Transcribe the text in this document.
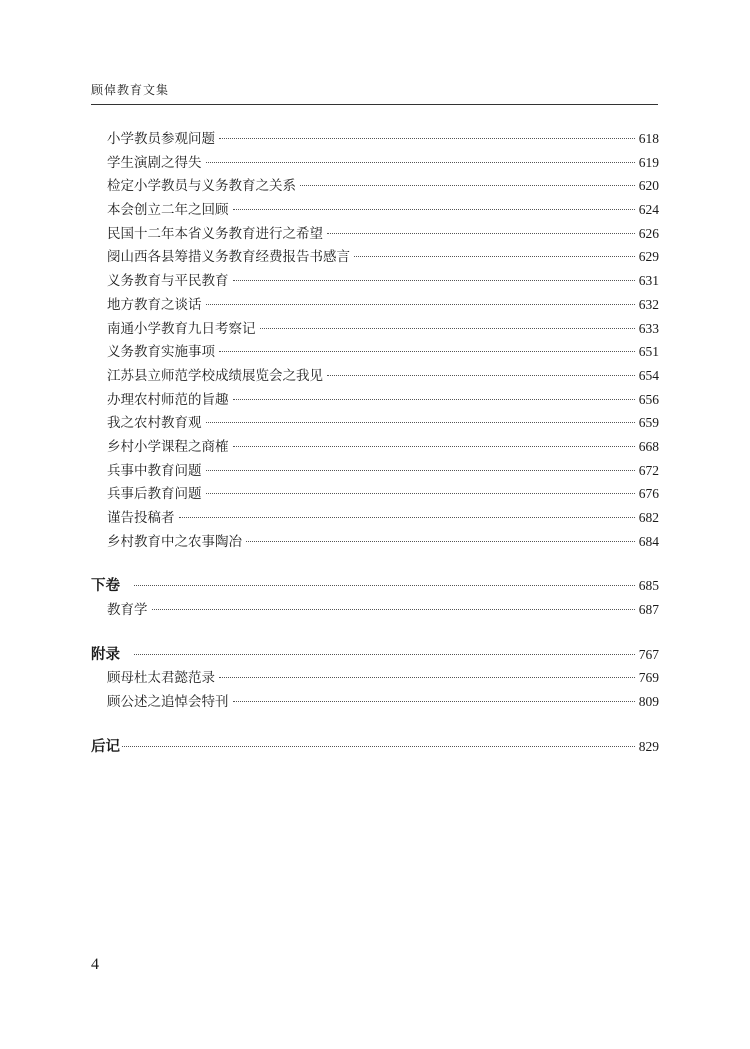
顾倬教育文集
小学教员参观问题	618
学生演剧之得失	619
检定小学教员与义务教育之关系	620
本会创立二年之回顾	624
民国十二年本省义务教育进行之希望	626
阌山西各县筹措义务教育经费报告书感言	629
义务教育与平民教育	631
地方教育之谈话	632
南通小学教育九日考察记	633
义务教育实施事项	651
江苏县立师范学校成绩展览会之我见	654
办理农村师范的旨趣	656
我之农村教育观	659
乡村小学课程之商榷	668
兵事中教育问题	672
兵事后教育问题	676
谨告投稿者	682
乡村教育中之农事陶冶	684
下卷	685
教育学	687
附录	767
顾母杜太君懿范录	769
顾公述之追悼会特刊	809
后记	829
4
